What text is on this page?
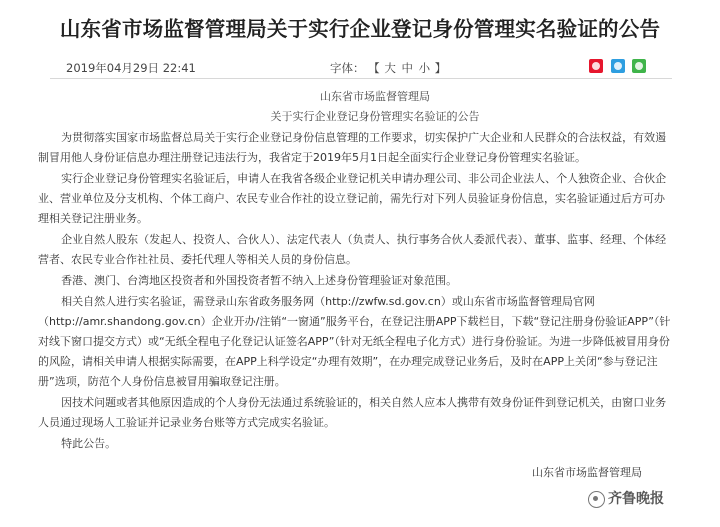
山东省市场监督管理局关于实行企业登记身份管理实名验证的公告
2019年04月29日 22:41	字体： 【 大 中 小 】

山东省市场监督管理局

关于实行企业登记身份管理实名验证的公告

为贯彻落实国家市场监督总局关于实行企业登记身份信息管理的工作要求，切实保护广大企业和人民群众的合法权益，有效遏制冒用他人身份证信息办理注册登记违法行为，我省定于2019年5月1日起全面实行企业登记身份管理实名验证。

实行企业登记身份管理实名验证后，申请人在我省各级企业登记机关申请办理公司、非公司企业法人、个人独资企业、合伙企业、营业单位及分支机构、个体工商户、农民专业合作社的设立登记前，需先行对下列人员验证身份信息，实名验证通过后方可办理相关登记注册业务。

企业自然人股东（发起人、投资人、合伙人）、法定代表人（负责人、执行事务合伙人委派代表）、董事、监事、经理、个体经营者、农民专业合作社社员、委托代理人等相关人员的身份信息。

香港、澳门、台湾地区投资者和外国投资者暂不纳入上述身份管理验证对象范围。

相关自然人进行实名验证，需登录山东省政务服务网（http://zwfw.sd.gov.cn）或山东省市场监督管理局官网（http://amr.shandong.gov.cn）企业开办/注销“一窗通”服务平台，在登记注册APP下载栏目，下载“登记注册身份验证APP”（针对线下窗口提交方式）或“无纸全程电子化登记认证签名APP”（针对无纸全程电子化方式）进行身份验证。为进一步降低被冒用身份的风险，请相关申请人根据实际需要，在APP上科学设定“办理有效期”，在办理完成登记业务后，及时在APP上关闭“参与登记注册”选项，防范个人身份信息被冒用骗取登记注册。

因技术问题或者其他原因造成的个人身份无法通过系统验证的，相关自然人应本人携带有效身份证件到登记机关，由窗口业务人员通过现场人工验证并记录业务台账等方式完成实名验证。

特此公告。

山东省市场监督管理局
齐鲁晚报
